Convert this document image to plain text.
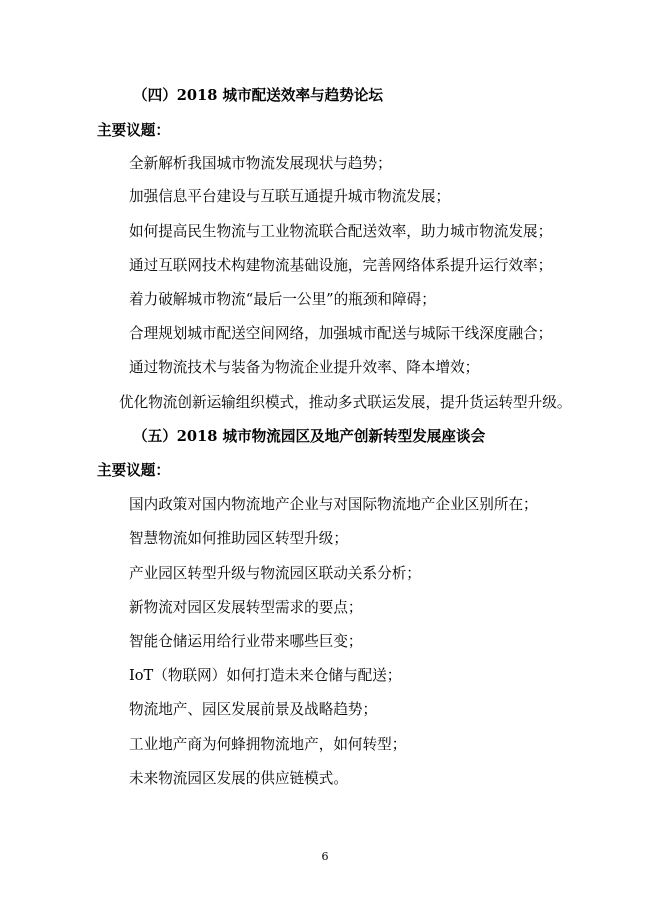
（四）2018 城市配送效率与趋势论坛
主要议题：
全新解析我国城市物流发展现状与趋势；
加强信息平台建设与互联互通提升城市物流发展；
如何提高民生物流与工业物流联合配送效率，助力城市物流发展；
通过互联网技术构建物流基础设施，完善网络体系提升运行效率；
着力破解城市物流“最后一公里”的瓶颈和障碍；
合理规划城市配送空间网络，加强城市配送与城际干线深度融合；
通过物流技术与装备为物流企业提升效率、降本增效；
优化物流创新运输组织模式，推动多式联运发展，提升货运转型升级。
（五）2018 城市物流园区及地产创新转型发展座谈会
主要议题：
国内政策对国内物流地产企业与对国际物流地产企业区别所在；
智慧物流如何推助园区转型升级；
产业园区转型升级与物流园区联动关系分析；
新物流对园区发展转型需求的要点；
智能仓储运用给行业带来哪些巨变；
IoT（物联网）如何打造未来仓储与配送；
物流地产、园区发展前景及战略趋势；
工业地产商为何蜂拥物流地产，如何转型；
未来物流园区发展的供应链模式。
6
